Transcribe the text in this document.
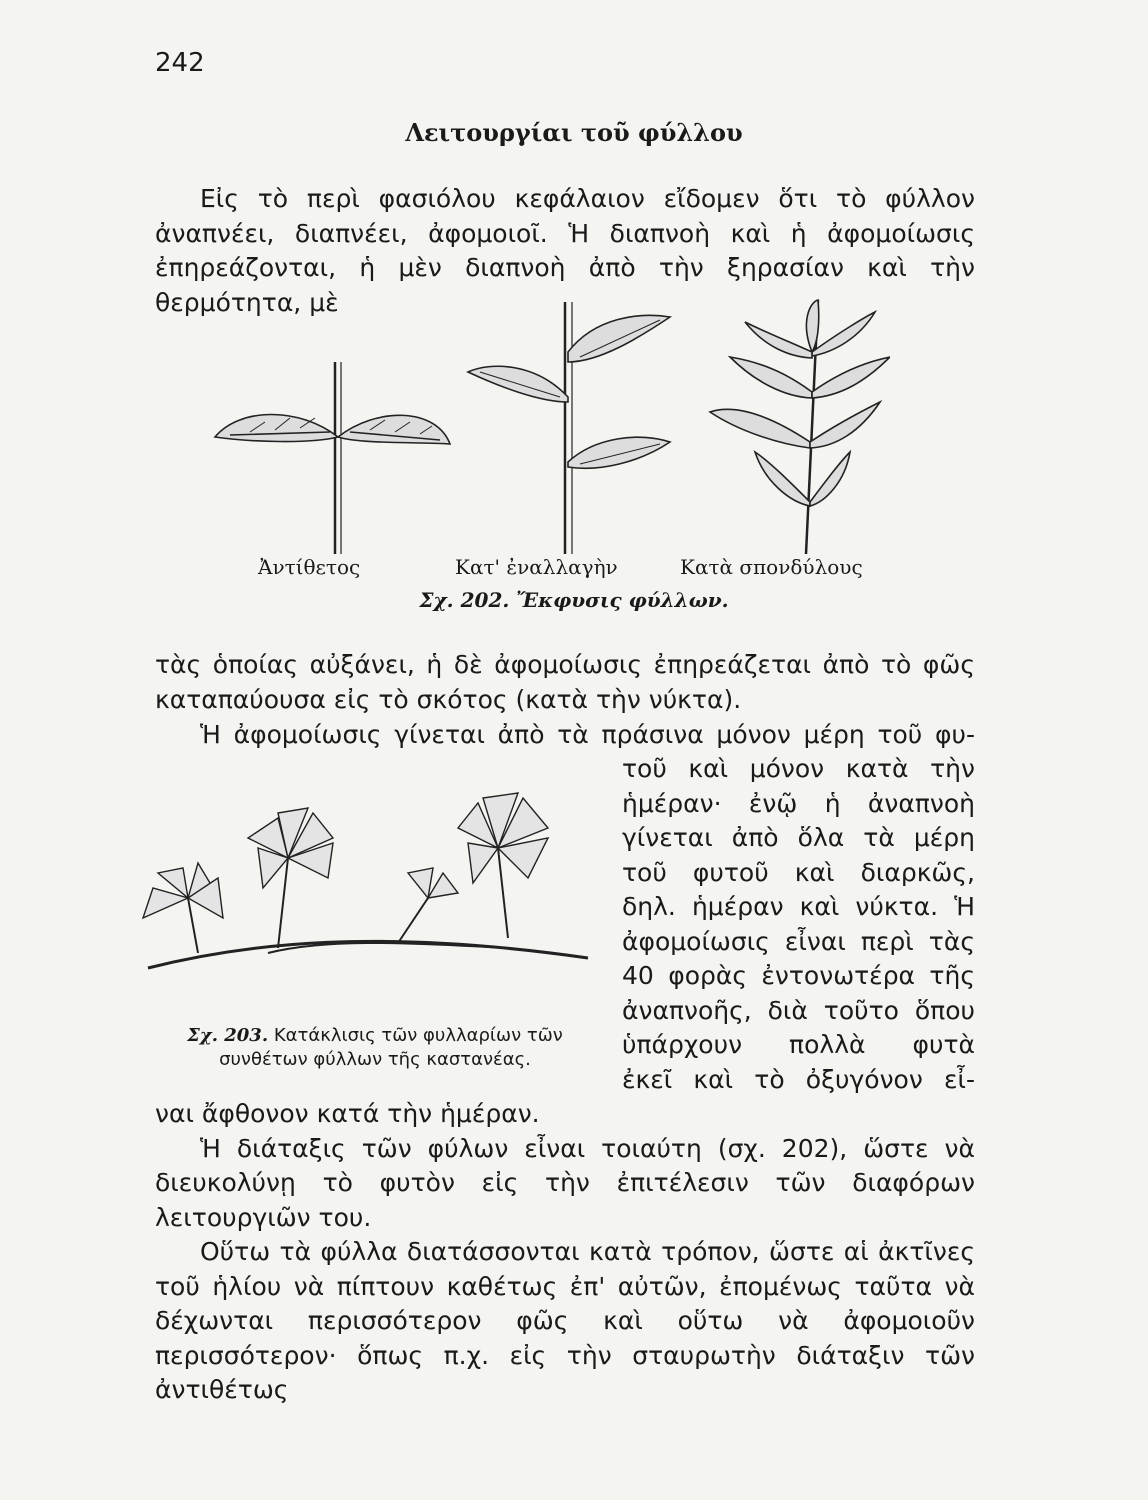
242
Λειτουργίαι τοῦ φύλλου

Εἰς τὸ περὶ φασιόλου κεφάλαιον εἴδομεν ὅτι τὸ φύλλον ἀναπνέει, διαπνέει, ἀφομοιοῖ. Ἡ διαπνοὴ καὶ ἡ ἀφομοίωσις ἐπηρεάζονται, ἡ μὲν διαπνοὴ ἀπὸ τὴν ξηρασίαν καὶ τὴν θερμότητα, μὲ

Ἀντίθετος	Κατ' ἐναλλαγὴν	Κατὰ σπονδύλους
Σχ. 202. Ἔκφυσις φύλλων.

τὰς ὁποίας αὐξάνει, ἡ δὲ ἀφομοίωσις ἐπηρεάζεται ἀπὸ τὸ φῶς καταπαύουσα εἰς τὸ σκότος (κατὰ τὴν νύκτα).

Ἡ ἀφομοίωσις γίνεται ἀπὸ τὰ πράσινα μόνον μέρη τοῦ φυ-

τοῦ καὶ μόνον κατὰ τὴν
ἡμέραν· ἐνῷ ἡ ἀναπνοὴ
γίνεται ἀπὸ ὅλα τὰ μέρη
τοῦ φυτοῦ καὶ διαρκῶς,
δηλ. ἡμέραν καὶ νύκτα. Ἡ
ἀφομοίωσις εἶναι περὶ τὰς
40 φορὰς ἐντονωτέρα τῆς
ἀναπνοῆς, διὰ τοῦτο ὅπου
ὑπάρχουν πολλὰ φυτὰ
ἐκεῖ καὶ τὸ ὀξυγόνον εἶ-
Σχ. 203. Κατάκλισις τῶν φυλλαρίων τῶν συνθέτων φύλλων τῆς καστανέας.

ναι ἄφθονον κατά τὴν ἡμέραν.

Ἡ διάταξις τῶν φύλων εἶναι τοιαύτη (σχ. 202), ὥστε νὰ διευκολύνῃ τὸ φυτὸν εἰς τὴν ἐπιτέλεσιν τῶν διαφόρων λειτουργιῶν του.

Οὕτω τὰ φύλλα διατάσσονται κατὰ τρόπον, ὥστε αἱ ἀκτῖνες τοῦ ἡλίου νὰ πίπτουν καθέτως ἐπ' αὐτῶν, ἐπομένως ταῦτα νὰ δέχωνται περισσότερον φῶς καὶ οὕτω νὰ ἀφομοιοῦν περισσότερον· ὅπως π.χ. εἰς τὴν σταυρωτὴν διάταξιν τῶν ἀντιθέτως
